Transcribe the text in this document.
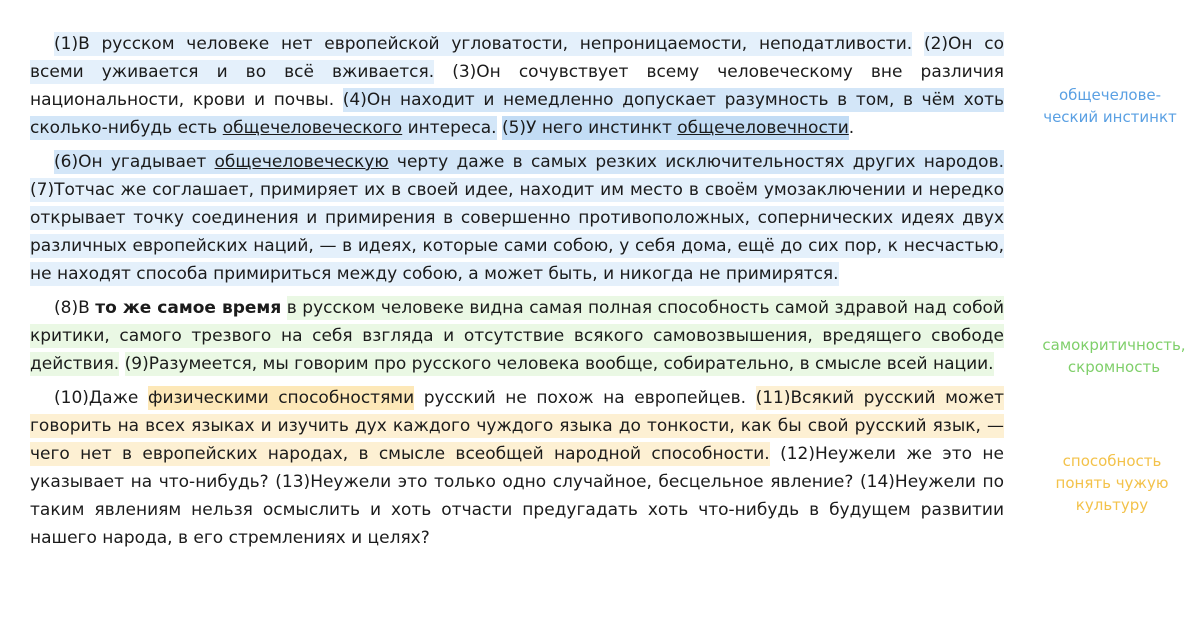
(1)В русском человеке нет европейской угловатости, непроницаемости, неподатливости. (2)Он со всеми уживается и во всё вживается. (3)Он сочувствует всему человеческому вне различия национальности, крови и почвы. (4)Он находит и немедленно допускает разумность в том, в чём хоть сколько-нибудь есть общечеловеческого интереса. (5)У него инстинкт общечеловечности.

(6)Он угадывает общечеловеческую черту даже в самых резких исключительностях других народов. (7)Тотчас же соглашает, примиряет их в своей идее, находит им место в своём умозаключении и нередко открывает точку соединения и примирения в совершенно противоположных, сопернических идеях двух различных европейских наций, — в идеях, которые сами собою, у себя дома, ещё до сих пор, к несчастью, не находят способа примириться между собою, а может быть, и никогда не примирятся.

(8)В то же самое время в русском человеке видна самая полная способность самой здравой над собой критики, самого трезвого на себя взгляда и отсутствие всякого самовозвышения, вредящего свободе действия. (9)Разумеется, мы говорим про русского человека вообще, собирательно, в смысле всей нации.

(10)Даже физическими способностями русский не похож на европейцев. (11)Всякий русский может говорить на всех языках и изучить дух каждого чуждого языка до тонкости, как бы свой русский язык, — чего нет в европейских народах, в смысле всеобщей народной способности. (12)Неужели же это не указывает на что-нибудь? (13)Неужели это только одно случайное, бесцельное явление? (14)Неужели по таким явлениям нельзя осмыслить и хоть отчасти предугадать хоть что-нибудь в будущем развитии нашего народа, в его стремлениях и целях?

общечелове-
ческий инстинкт
самокритичность,
скромность
способность
понять чужую
культуру
